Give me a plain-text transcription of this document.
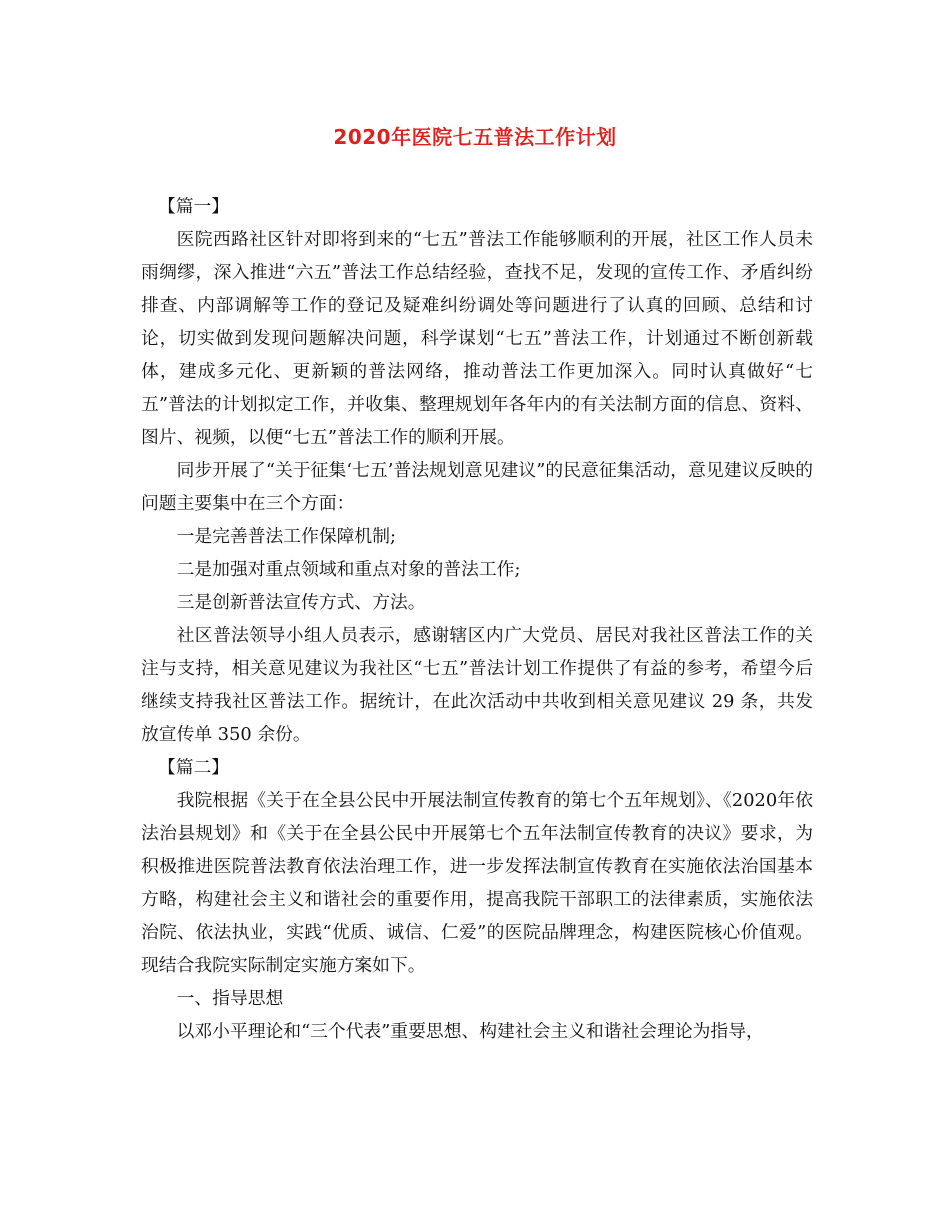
2020年医院七五普法工作计划

【篇一】

医院西路社区针对即将到来的“七五”普法工作能够顺利的开展，社区工作人员未雨绸缪，深入推进“六五”普法工作总结经验，查找不足，发现的宣传工作、矛盾纠纷排查、内部调解等工作的登记及疑难纠纷调处等问题进行了认真的回顾、总结和讨论，切实做到发现问题解决问题，科学谋划“七五”普法工作，计划通过不断创新载体，建成多元化、更新颖的普法网络，推动普法工作更加深入。同时认真做好“七五”普法的计划拟定工作，并收集、整理规划年各年内的有关法制方面的信息、资料、图片、视频，以便“七五”普法工作的顺利开展。

同步开展了“关于征集‘七五’普法规划意见建议”的民意征集活动，意见建议反映的问题主要集中在三个方面：

一是完善普法工作保障机制;

二是加强对重点领域和重点对象的普法工作;

三是创新普法宣传方式、方法。

社区普法领导小组人员表示，感谢辖区内广大党员、居民对我社区普法工作的关注与支持，相关意见建议为我社区“七五”普法计划工作提供了有益的参考，希望今后继续支持我社区普法工作。据统计，在此次活动中共收到相关意见建议 29 条，共发放宣传单 350 余份。

【篇二】

我院根据《关于在全县公民中开展法制宣传教育的第七个五年规划》、《2020年依法治县规划》和《关于在全县公民中开展第七个五年法制宣传教育的决议》要求，为积极推进医院普法教育依法治理工作，进一步发挥法制宣传教育在实施依法治国基本方略，构建社会主义和谐社会的重要作用，提高我院干部职工的法律素质，实施依法治院、依法执业，实践“优质、诚信、仁爱”的医院品牌理念，构建医院核心价值观。现结合我院实际制定实施方案如下。

一、指导思想

以邓小平理论和“三个代表”重要思想、构建社会主义和谐社会理论为指导，
